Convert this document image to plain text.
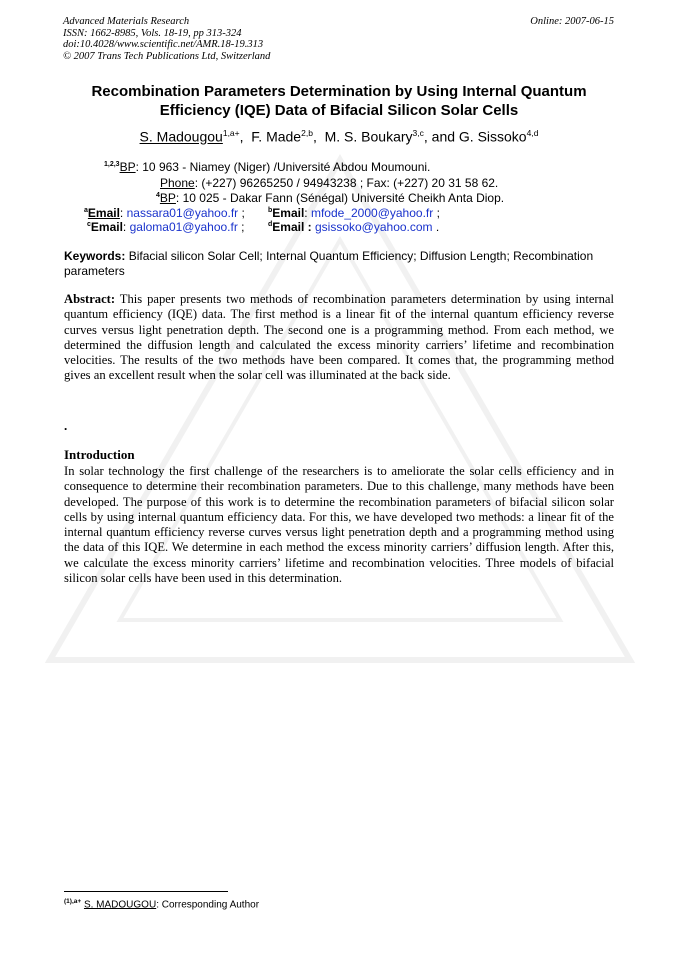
Advanced Materials Research
ISSN: 1662-8985, Vols. 18-19, pp 313-324
doi:10.4028/www.scientific.net/AMR.18-19.313
© 2007 Trans Tech Publications Ltd, Switzerland
Online: 2007-06-15
Recombination Parameters Determination by Using Internal Quantum
Efficiency (IQE) Data of Bifacial Silicon Solar Cells
S. Madougou$^{1,a+}$,  F. Made$^{2,b}$,  M. S. Boukary$^{3,c}$, and G. Sissoko$^{4,d}$
$^{1,2,3}$BP: 10 963 - Niamey (Niger) /Université Abdou Moumouni.
Phone: (+227) 96265250 / 94943238 ; Fax: (+227) 20 31 58 62.
$^4$BP: 10 025 - Dakar Fann (Sénégal) Université Cheikh Anta Diop.
$^a$Email: nassara01@yahoo.fr ;	$^b$Email: mfode_2000@yahoo.fr ;
$^c$Email: galoma01@yahoo.fr ;	$^d$Email : gsissoko@yahoo.com .
Keywords: Bifacial silicon Solar Cell; Internal Quantum Efficiency; Diffusion Length; Recombination parameters
Abstract: This paper presents two methods of recombination parameters determination by using internal quantum efficiency (IQE) data. The first method is a linear fit of the internal quantum efficiency reverse curves versus light penetration depth. The second one is a programming method. From each method, we determined the diffusion length and calculated the excess minority carriers’ lifetime and recombination velocities. The results of the two methods have been compared. It comes that, the programming method gives an excellent result when the solar cell was illuminated at the back side.
.
Introduction
In solar technology the first challenge of the researchers is to ameliorate the solar cells efficiency and in consequence to determine their recombination parameters. Due to this challenge, many methods have been developed. The purpose of this work is to determine the recombination parameters of bifacial silicon solar cells by using internal quantum efficiency data. For this, we have developed two methods: a linear fit of the internal quantum efficiency reverse curves versus light penetration depth and a programming method using the data of this IQE. We determine in each method the excess minority carriers’ diffusion length. After this, we calculate the excess minority carriers’ lifetime and recombination velocities. Three models of bifacial silicon solar cells have been used in this determination.
$^{(1),a+}$ S. MADOUGOU: Corresponding Author
